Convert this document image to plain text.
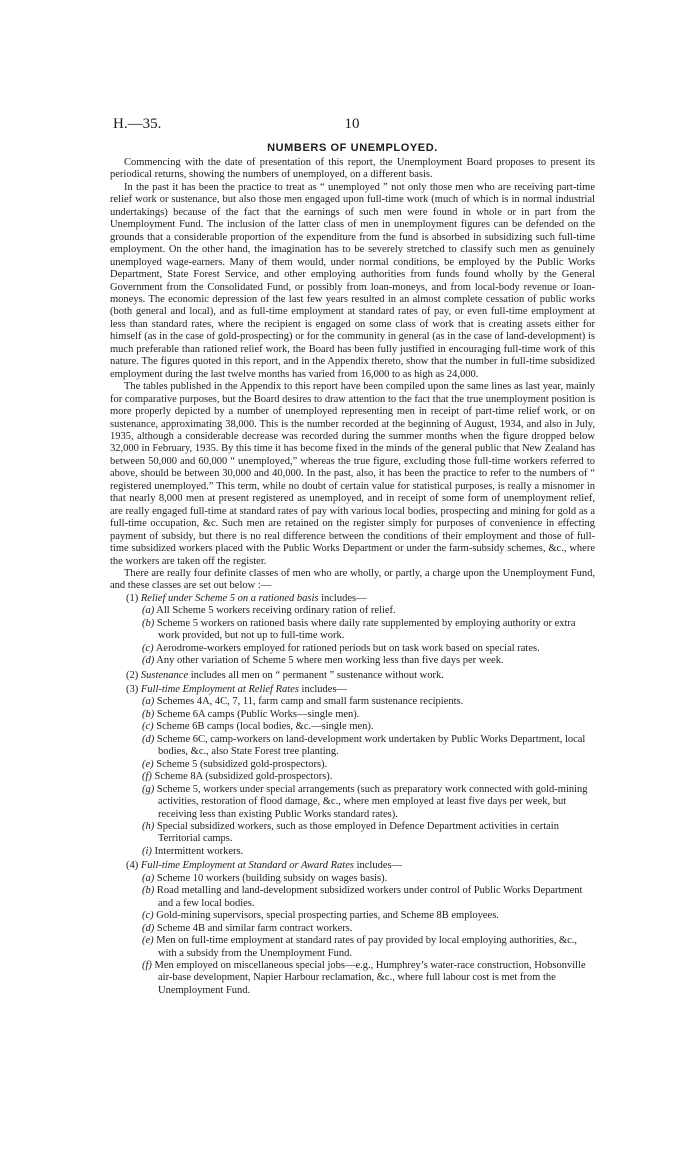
H.—35.	10
NUMBERS OF UNEMPLOYED.

Commencing with the date of presentation of this report, the Unemployment Board proposes to present its periodical returns, showing the numbers of unemployed, on a different basis.

In the past it has been the practice to treat as “ unemployed ” not only those men who are receiving part-time relief work or sustenance, but also those men engaged upon full-time work (much of which is in normal industrial undertakings) because of the fact that the earnings of such men were found in whole or in part from the Unemployment Fund. The inclusion of the latter class of men in unemployment figures can be defended on the grounds that a considerable proportion of the expenditure from the fund is absorbed in subsidizing such full-time employment. On the other hand, the imagination has to be severely stretched to classify such men as genuinely unemployed wage-earners. Many of them would, under normal conditions, be employed by the Public Works Department, State Forest Service, and other employing authorities from funds found wholly by the General Government from the Consolidated Fund, or possibly from loan-moneys, and from local-body revenue or loan-moneys. The economic depression of the last few years resulted in an almost complete cessation of public works (both general and local), and as full-time employment at standard rates of pay, or even full-time employment at less than standard rates, where the recipient is engaged on some class of work that is creating assets either for himself (as in the case of gold-prospecting) or for the community in general (as in the case of land-development) is much preferable than rationed relief work, the Board has been fully justified in encouraging full-time work of this nature. The figures quoted in this report, and in the Appendix thereto, show that the number in full-time subsidized employment during the last twelve months has varied from 16,000 to as high as 24,000.

The tables published in the Appendix to this report have been compiled upon the same lines as last year, mainly for comparative purposes, but the Board desires to draw attention to the fact that the true unemployment position is more properly depicted by a number of unemployed representing men in receipt of part-time relief work, or on sustenance, approximating 38,000. This is the number recorded at the beginning of August, 1934, and also in July, 1935, although a considerable decrease was recorded during the summer months when the figure dropped below 32,000 in February, 1935. By this time it has become fixed in the minds of the general public that New Zealand has between 50,000 and 60,000 “ unemployed,” whereas the true figure, excluding those full-time workers referred to above, should be between 30,000 and 40,000. In the past, also, it has been the practice to refer to the numbers of “ registered unemployed.” This term, while no doubt of certain value for statistical purposes, is really a misnomer in that nearly 8,000 men at present registered as unemployed, and in receipt of some form of unemployment relief, are really engaged full-time at standard rates of pay with various local bodies, prospecting and mining for gold as a full-time occupation, &c. Such men are retained on the register simply for purposes of convenience in effecting payment of subsidy, but there is no real difference between the conditions of their employment and those of full-time subsidized workers placed with the Public Works Department or under the farm-subsidy schemes, &c., where the workers are taken off the register.

There are really four definite classes of men who are wholly, or partly, a charge upon the Unemployment Fund, and these classes are set out below :—

(1) Relief under Scheme 5 on a rationed basis includes—
(a) All Scheme 5 workers receiving ordinary ration of relief.
(b) Scheme 5 workers on rationed basis where daily rate supplemented by employing authority or extra work provided, but not up to full-time work.
(c) Aerodrome-workers employed for rationed periods but on task work based on special rates.
(d) Any other variation of Scheme 5 where men working less than five days per week.
(2) Sustenance includes all men on “ permanent ” sustenance without work.
(3) Full-time Employment at Relief Rates includes—
(a) Schemes 4A, 4C, 7, 11, farm camp and small farm sustenance recipients.
(b) Scheme 6A camps (Public Works—single men).
(c) Scheme 6B camps (local bodies, &c.—single men).
(d) Scheme 6C, camp-workers on land-development work undertaken by Public Works Department, local bodies, &c., also State Forest tree planting.
(e) Scheme 5 (subsidized gold-prospectors).
(f) Scheme 8A (subsidized gold-prospectors).
(g) Scheme 5, workers under special arrangements (such as preparatory work connected with gold-mining activities, restoration of flood damage, &c., where men employed at least five days per week, but receiving less than existing Public Works standard rates).
(h) Special subsidized workers, such as those employed in Defence Department activities in certain Territorial camps.
(i) Intermittent workers.
(4) Full-time Employment at Standard or Award Rates includes—
(a) Scheme 10 workers (building subsidy on wages basis).
(b) Road metalling and land-development subsidized workers under control of Public Works Department and a few local bodies.
(c) Gold-mining supervisors, special prospecting parties, and Scheme 8B employees.
(d) Scheme 4B and similar farm contract workers.
(e) Men on full-time employment at standard rates of pay provided by local employing authorities, &c., with a subsidy from the Unemployment Fund.
(f) Men employed on miscellaneous special jobs—e.g., Humphrey’s water-race construction, Hobsonville air-base development, Napier Harbour reclamation, &c., where full labour cost is met from the Unemployment Fund.
